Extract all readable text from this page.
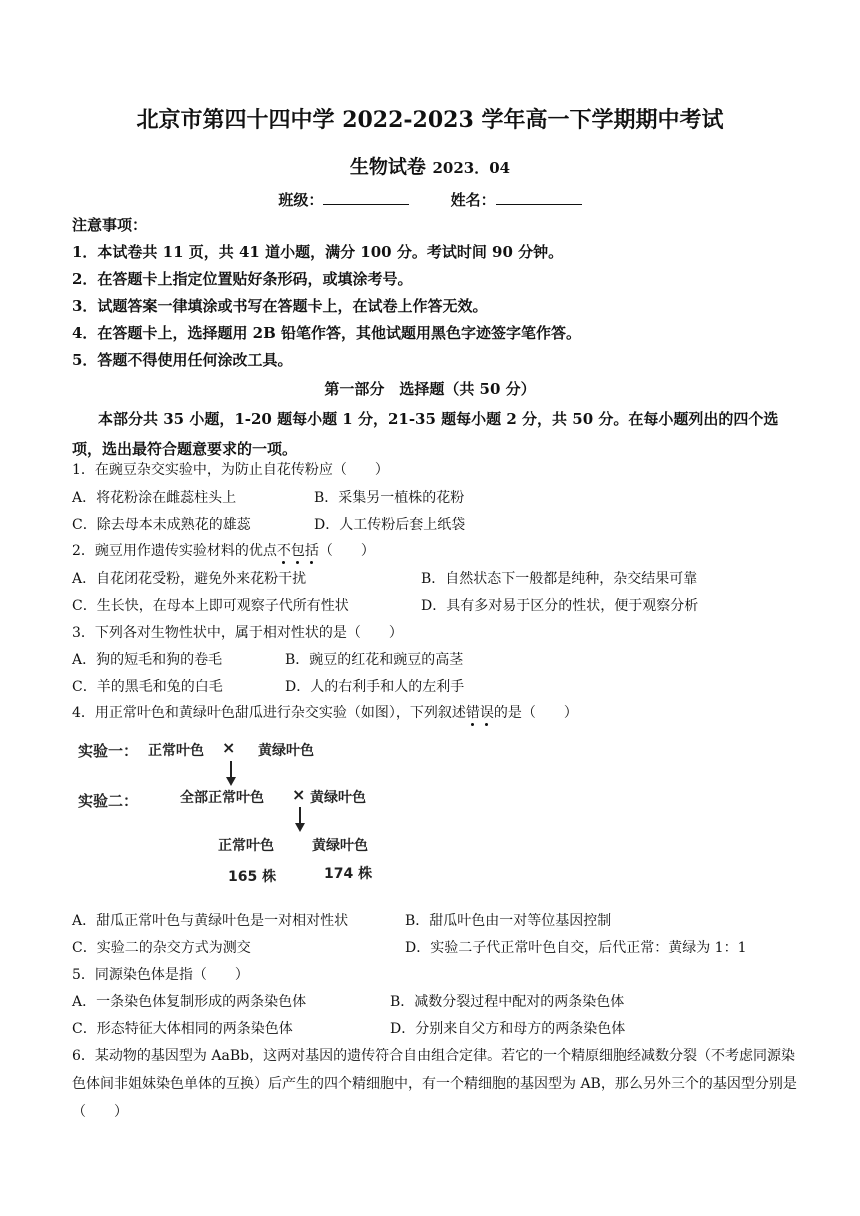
北京市第四十四中学 2022-2023 学年高一下学期期中考试
生物试卷 2023．04
班级：	姓名：
注意事项：
1．本试卷共 11 页，共 41 道小题，满分 100 分。考试时间 90 分钟。
2．在答题卡上指定位置贴好条形码，或填涂考号。
3．试题答案一律填涂或书写在答题卡上，在试卷上作答无效。
4．在答题卡上，选择题用 2B 铅笔作答，其他试题用黑色字迹签字笔作答。
5．答题不得使用任何涂改工具。
第一部分　选择题（共 50 分）
本部分共 35 小题，1-20 题每小题 1 分，21-35 题每小题 2 分，共 50 分。在每小题列出的四个选项，选出最符合题意要求的一项。
1．在豌豆杂交实验中，为防止自花传粉应（　　）
A．将花粉涂在雌蕊柱头上	B．采集另一植株的花粉
C．除去母本未成熟花的雄蕊	D．人工传粉后套上纸袋
2．豌豆用作遗传实验材料的优点不包括（　　）
A．自花闭花受粉，避免外来花粉干扰	B．自然状态下一般都是纯种，杂交结果可靠
C．生长快，在母本上即可观察子代所有性状	D．具有多对易于区分的性状，便于观察分析
3．下列各对生物性状中，属于相对性状的是（　　）
A．狗的短毛和狗的卷毛	B．豌豆的红花和豌豆的高茎
C．羊的黑毛和兔的白毛	D．人的右利手和人的左利手
4．用正常叶色和黄绿叶色甜瓜进行杂交实验（如图），下列叙述错误的是（　　）
实验一： 正常叶色 × 黄绿叶色
实验二：	全部正常叶色 × 黄绿叶色
正常叶色	黄绿叶色
165 株	174 株
A．甜瓜正常叶色与黄绿叶色是一对相对性状	B．甜瓜叶色由一对等位基因控制
C．实验二的杂交方式为测交	D．实验二子代正常叶色自交，后代正常：黄绿为 1：1
5．同源染色体是指（　　）
A．一条染色体复制形成的两条染色体	B．减数分裂过程中配对的两条染色体
C．形态特征大体相同的两条染色体	D．分别来自父方和母方的两条染色体
6．某动物的基因型为 AaBb，这两对基因的遗传符合自由组合定律。若它的一个精原细胞经减数分裂（不考虑同源染色体间非姐妹染色单体的互换）后产生的四个精细胞中，有一个精细胞的基因型为 AB，那么另外三个的基因型分别是（　　）
